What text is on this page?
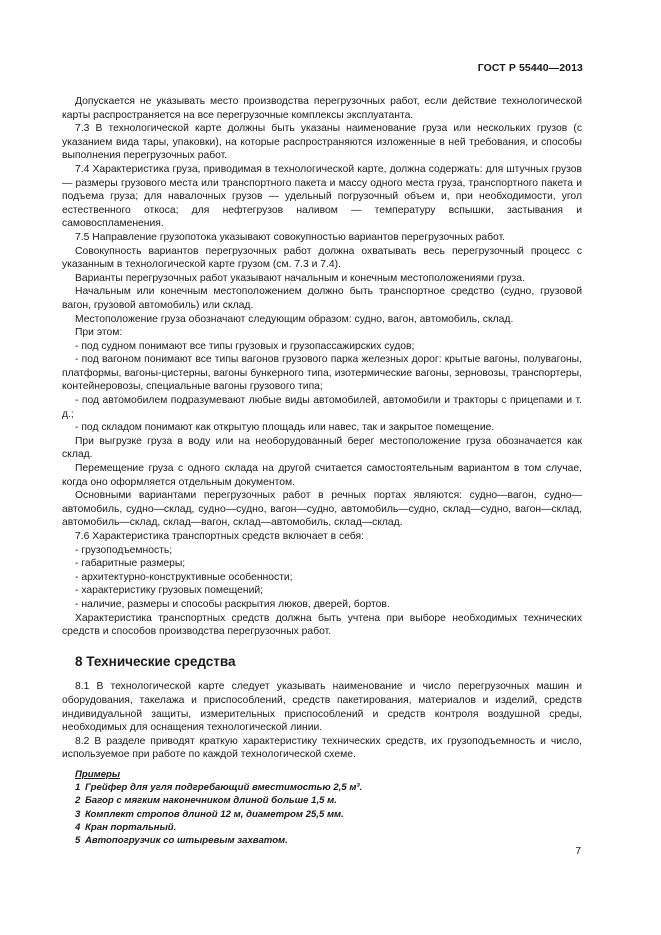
ГОСТ Р 55440—2013

Допускается не указывать место производства перегрузочных работ, если действие технологической карты распространяется на все перегрузочные комплексы эксплуатанта.

7.3 В технологической карте должны быть указаны наименование груза или нескольких грузов (с указанием вида тары, упаковки), на которые распространяются изложенные в ней требования, и способы выполнения перегрузочных работ.

7.4 Характеристика груза, приводимая в технологической карте, должна содержать: для штучных грузов — размеры грузового места или транспортного пакета и массу одного места груза, транспортного пакета и подъема груза; для навалочных грузов — удельный погрузочный объем и, при необходимости, угол естественного откоса; для нефтегрузов наливом — температуру вспышки, застывания и самовоспламенения.

7.5 Направление грузопотока указывают совокупностью вариантов перегрузочных работ.

Совокупность вариантов перегрузочных работ должна охватывать весь перегрузочный процесс с указанным в технологической карте грузом (см. 7.3 и 7.4).

Варианты перегрузочных работ указывают начальным и конечным местоположениями груза.

Начальным или конечным местоположением должно быть транспортное средство (судно, грузовой вагон, грузовой автомобиль) или склад.

Местоположение груза обозначают следующим образом: судно, вагон, автомобиль, склад.

При этом:

- под судном понимают все типы грузовых и грузопассажирских судов;

- под вагоном понимают все типы вагонов грузового парка железных дорог: крытые вагоны, полувагоны, платформы, вагоны-цистерны, вагоны бункерного типа, изотермические вагоны, зерновозы, транспортеры, контейнеровозы, специальные вагоны грузового типа;

- под автомобилем подразумевают любые виды автомобилей, автомобили и тракторы с прицепами и т. д.;

- под складом понимают как открытую площадь или навес, так и закрытое помещение.

При выгрузке груза в воду или на необорудованный берег местоположение груза обозначается как склад.

Перемещение груза с одного склада на другой считается самостоятельным вариантом в том случае, когда оно оформляется отдельным документом.

Основными вариантами перегрузочных работ в речных портах являются: судно—вагон, судно—автомобиль, судно—склад, судно—судно, вагон—судно, автомобиль—судно, склад—судно, вагон—склад, автомобиль—склад, склад—вагон, склад—автомобиль, склад—склад.

7.6 Характеристика транспортных средств включает в себя:

- грузоподъемность;

- габаритные размеры;

- архитектурно-конструктивные особенности;

- характеристику грузовых помещений;

- наличие, размеры и способы раскрытия люков, дверей, бортов.

Характеристика транспортных средств должна быть учтена при выборе необходимых технических средств и способов производства перегрузочных работ.

8 Технические средства

8.1 В технологической карте следует указывать наименование и число перегрузочных машин и оборудования, такелажа и приспособлений, средств пакетирования, материалов и изделий, средств индивидуальной защиты, измерительных приспособлений и средств контроля воздушной среды, необходимых для оснащения технологической линии.

8.2 В разделе приводят краткую характеристику технических средств, их грузоподъемность и число, используемое при работе по каждой технологической схеме.

Примеры
1 Грейфер для угля подгребающий вместимостью 2,5 м³.
2 Багор с мягким наконечником длиной больше 1,5 м.
3 Комплект стропов длиной 12 м, диаметром 25,5 мм.
4 Кран портальный.
5 Автопогрузчик со штыревым захватом.
7
